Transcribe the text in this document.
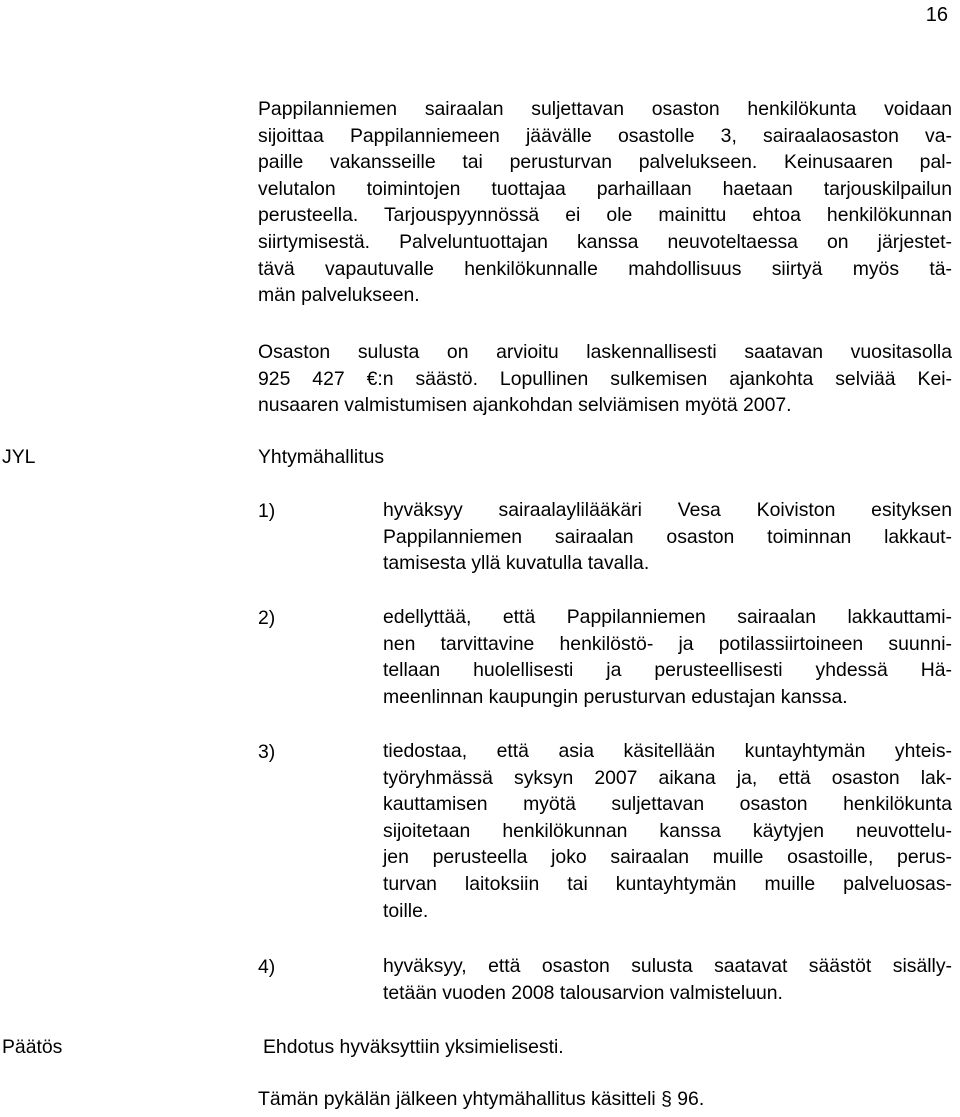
16
Pappilanniemen sairaalan suljettavan osaston henkilökunta voidaan
sijoittaa Pappilanniemeen jäävälle osastolle 3, sairaalaosaston va-
paille vakansseille tai perusturvan palvelukseen. Keinusaaren pal-
velutalon toimintojen tuottajaa parhaillaan haetaan tarjouskilpailun
perusteella. Tarjouspyynnössä ei ole mainittu ehtoa henkilökunnan
siirtymisestä. Palveluntuottajan kanssa neuvoteltaessa on järjestet-
tävä vapautuvalle henkilökunnalle mahdollisuus siirtyä myös tä-
män palvelukseen.
Osaston sulusta on arvioitu laskennallisesti saatavan vuositasolla
925 427 €:n säästö. Lopullinen sulkemisen ajankohta selviää Kei-
nusaaren valmistumisen ajankohdan selviämisen myötä 2007.
JYL	Yhtymähallitus
1)	hyväksyy sairaalaylilääkäri Vesa Koiviston esityksen
Pappilanniemen sairaalan osaston toiminnan lakkaut-
tamisesta yllä kuvatulla tavalla.
2)	edellyttää, että Pappilanniemen sairaalan lakkauttami-
nen tarvittavine henkilöstö- ja potilassiirtoineen suunni-
tellaan huolellisesti ja perusteellisesti yhdessä Hä-
meenlinnan kaupungin perusturvan edustajan kanssa.
3)	tiedostaa, että asia käsitellään kuntayhtymän yhteis-
työryhmässä syksyn 2007 aikana ja, että osaston lak-
kauttamisen myötä suljettavan osaston henkilökunta
sijoitetaan henkilökunnan kanssa käytyjen neuvottelu-
jen perusteella joko sairaalan muille osastoille, perus-
turvan laitoksiin tai kuntayhtymän muille palveluosas-
toille.
4)	hyväksyy, että osaston sulusta saatavat säästöt sisälly-
tetään vuoden 2008 talousarvion valmisteluun.
Päätös	Ehdotus hyväksyttiin yksimielisesti.
Tämän pykälän jälkeen yhtymähallitus käsitteli § 96.
